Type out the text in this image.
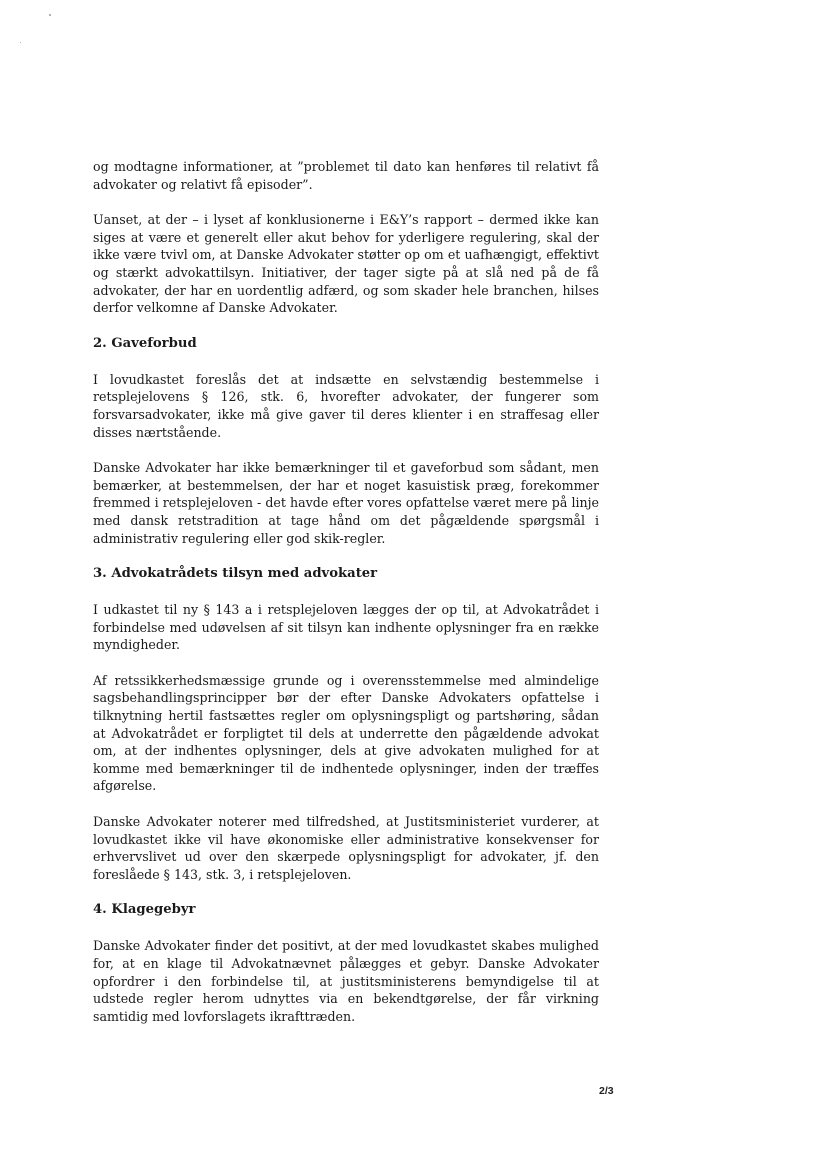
og modtagne informationer, at ”problemet til dato kan henføres til relativt få advokater og relativt få episoder”.

Uanset, at der – i lyset af konklusionerne i E&Y’s rapport – dermed ikke kan siges at være et generelt eller akut behov for yderligere regulering, skal der ikke være tvivl om, at Danske Advokater støtter op om et uafhængigt, effektivt og stærkt advokattilsyn. Initiativer, der tager sigte på at slå ned på de få advokater, der har en uordentlig adfærd, og som skader hele branchen, hilses derfor velkomne af Danske Advokater.

2. Gaveforbud

I lovudkastet foreslås det at indsætte en selvstændig bestemmelse i retsplejelovens § 126, stk. 6, hvorefter advokater, der fungerer som forsvarsadvokater, ikke må give gaver til deres klienter i en straffesag eller disses nærtstående.

Danske Advokater har ikke bemærkninger til et gaveforbud som sådant, men bemærker, at bestemmelsen, der har et noget kasuistisk præg, forekommer fremmed i retsplejeloven - det havde efter vores opfattelse været mere på linje med dansk retstradition at tage hånd om det pågældende spørgsmål i administrativ regulering eller god skik-regler.

3. Advokatrådets tilsyn med advokater

I udkastet til ny § 143 a i retsplejeloven lægges der op til, at Advokatrådet i forbindelse med udøvelsen af sit tilsyn kan indhente oplysninger fra en række myndigheder.

Af retssikkerhedsmæssige grunde og i overensstemmelse med almindelige sagsbehandlingsprincipper bør der efter Danske Advokaters opfattelse i tilknytning hertil fastsættes regler om oplysningspligt og partshøring, sådan at Advokatrådet er forpligtet til dels at underrette den pågældende advokat om, at der indhentes oplysninger, dels at give advokaten mulighed for at komme med bemærkninger til de indhentede oplysninger, inden der træffes afgørelse.

Danske Advokater noterer med tilfredshed, at Justitsministeriet vurderer, at lovudkastet ikke vil have økonomiske eller administrative konsekvenser for erhvervslivet ud over den skærpede oplysningspligt for advokater, jf. den foreslåede § 143, stk. 3, i retsplejeloven.

4. Klagegebyr

Danske Advokater finder det positivt, at der med lovudkastet skabes mulighed for, at en klage til Advokatnævnet pålægges et gebyr. Danske Advokater opfordrer i den forbindelse til, at justitsministerens bemyndigelse til at udstede regler herom udnyttes via en bekendtgørelse, der får virkning samtidig med lovforslagets ikrafttræden.

2/3
